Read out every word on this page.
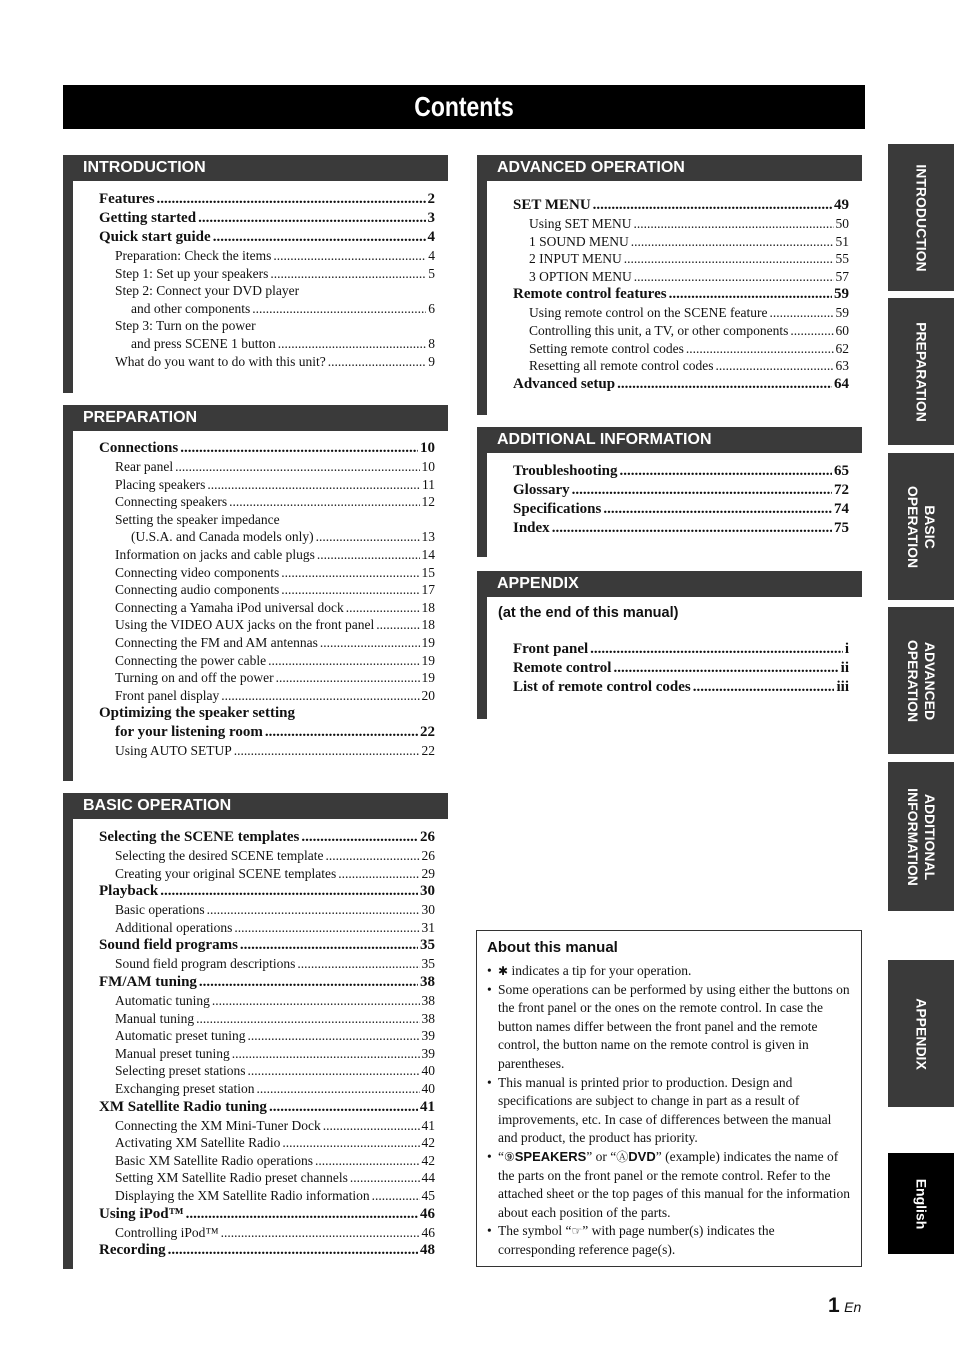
Contents
INTRODUCTION
Features .....	2
Getting started .....	3
Quick start guide .....	4
Preparation: Check the items .....	4
Step 1: Set up your speakers .....	5
Step 2: Connect your DVD player
and other components .....	6
Step 3: Turn on the power
and press SCENE 1 button .....	8
What do you want to do with this unit? .....	9
PREPARATION
Connections .....	10
Rear panel .....	10
Placing speakers .....	11
Connecting speakers .....	12
Setting the speaker impedance
(U.S.A. and Canada models only) .....	13
Information on jacks and cable plugs .....	14
Connecting video components .....	15
Connecting audio components .....	17
Connecting a Yamaha iPod universal dock .....	18
Using the VIDEO AUX jacks on the front panel .....	18
Connecting the FM and AM antennas .....	19
Connecting the power cable .....	19
Turning on and off the power .....	19
Front panel display .....	20
Optimizing the speaker setting
for your listening room .....	22
Using AUTO SETUP .....	22
BASIC OPERATION
Selecting the SCENE templates .....	26
Selecting the desired SCENE template .....	26
Creating your original SCENE templates .....	29
Playback .....	30
Basic operations .....	30
Additional operations .....	31
Sound field programs .....	35
Sound field program descriptions .....	35
FM/AM tuning .....	38
Automatic tuning .....	38
Manual tuning .....	38
Automatic preset tuning .....	39
Manual preset tuning .....	39
Selecting preset stations .....	40
Exchanging preset station .....	40
XM Satellite Radio tuning .....	41
Connecting the XM Mini-Tuner Dock .....	41
Activating XM Satellite Radio .....	42
Basic XM Satellite Radio operations .....	42
Setting XM Satellite Radio preset channels .....	44
Displaying the XM Satellite Radio information .....	45
Using iPod™ .....	46
Controlling iPod™ .....	46
Recording .....	48
ADVANCED OPERATION
SET MENU .....	49
Using SET MENU .....	50
1 SOUND MENU .....	51
2 INPUT MENU .....	55
3 OPTION MENU .....	57
Remote control features .....	59
Using remote control on the SCENE feature .....	59
Controlling this unit, a TV, or other components .....	60
Setting remote control codes .....	62
Resetting all remote control codes .....	63
Advanced setup .....	64
ADDITIONAL INFORMATION
Troubleshooting .....	65
Glossary .....	72
Specifications .....	74
Index .....	75
APPENDIX
(at the end of this manual)
Front panel .....	i
Remote control .....	ii
List of remote control codes .....	iii
About this manual
• ✱ indicates a tip for your operation.
• Some operations can be performed by using either the buttons on the front panel or the ones on the remote control. In case the button names differ between the front panel and the remote control, the button name on the remote control is given in parentheses.
• This manual is printed prior to production. Design and specifications are subject to change in part as a result of improvements, etc. In case of differences between the manual and product, the product has priority.
• “⑨SPEAKERS” or “ⒶDVD” (example) indicates the name of the parts on the front panel or the remote control. Refer to the attached sheet or the top pages of this manual for the information about each position of the parts.
• The symbol “☞” with page number(s) indicates the corresponding reference page(s).
INTRODUCTION
PREPARATION
BASIC
OPERATION
ADVANCED
OPERATION
ADDITIONAL
INFORMATION
APPENDIX
English
1 En
